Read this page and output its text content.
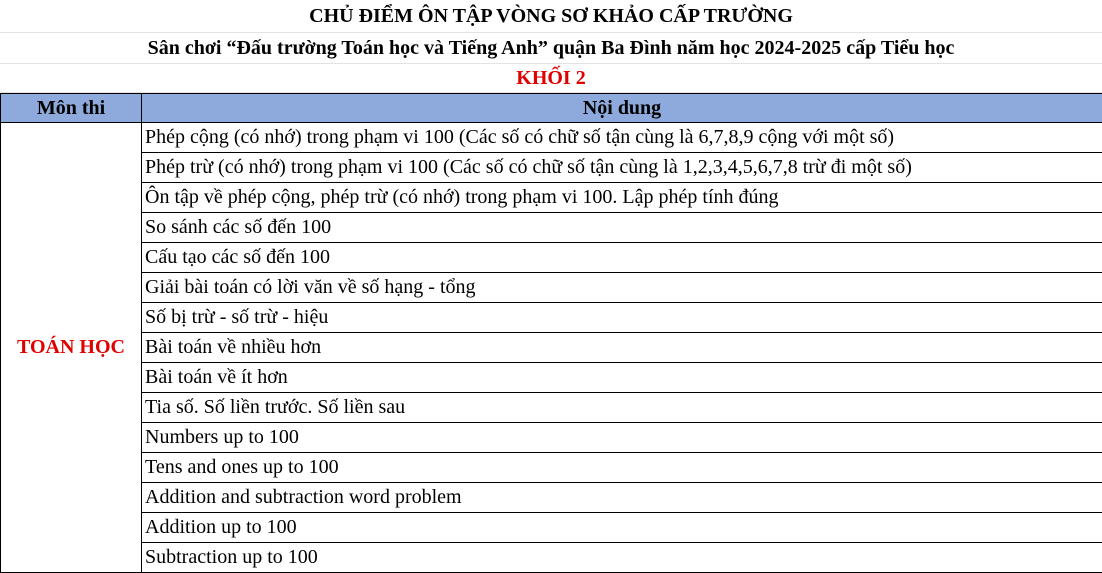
CHỦ ĐIỂM ÔN TẬP VÒNG SƠ KHẢO CẤP TRƯỜNG
Sân chơi “Đấu trường Toán học và Tiếng Anh” quận Ba Đình năm học 2024-2025 cấp Tiểu học
KHỐI 2
Môn thi	Nội dung
TOÁN HỌC	Phép cộng (có nhớ) trong phạm vi 100 (Các số có chữ số tận cùng là 6,7,8,9 cộng với một số)
	Phép trừ (có nhớ) trong phạm vi 100 (Các số có chữ số tận cùng là 1,2,3,4,5,6,7,8 trừ đi một số)
	Ôn tập về phép cộng, phép trừ (có nhớ) trong phạm vi 100. Lập phép tính đúng
	So sánh các số đến 100
	Cấu tạo các số đến 100
	Giải bài toán có lời văn về số hạng - tổng
	Số bị trừ - số trừ - hiệu
	Bài toán về nhiều hơn
	Bài toán về ít hơn
	Tia số. Số liền trước. Số liền sau
	Numbers up to 100
	Tens and ones up to 100
	Addition and subtraction word problem
	Addition up to 100
	Subtraction up to 100
